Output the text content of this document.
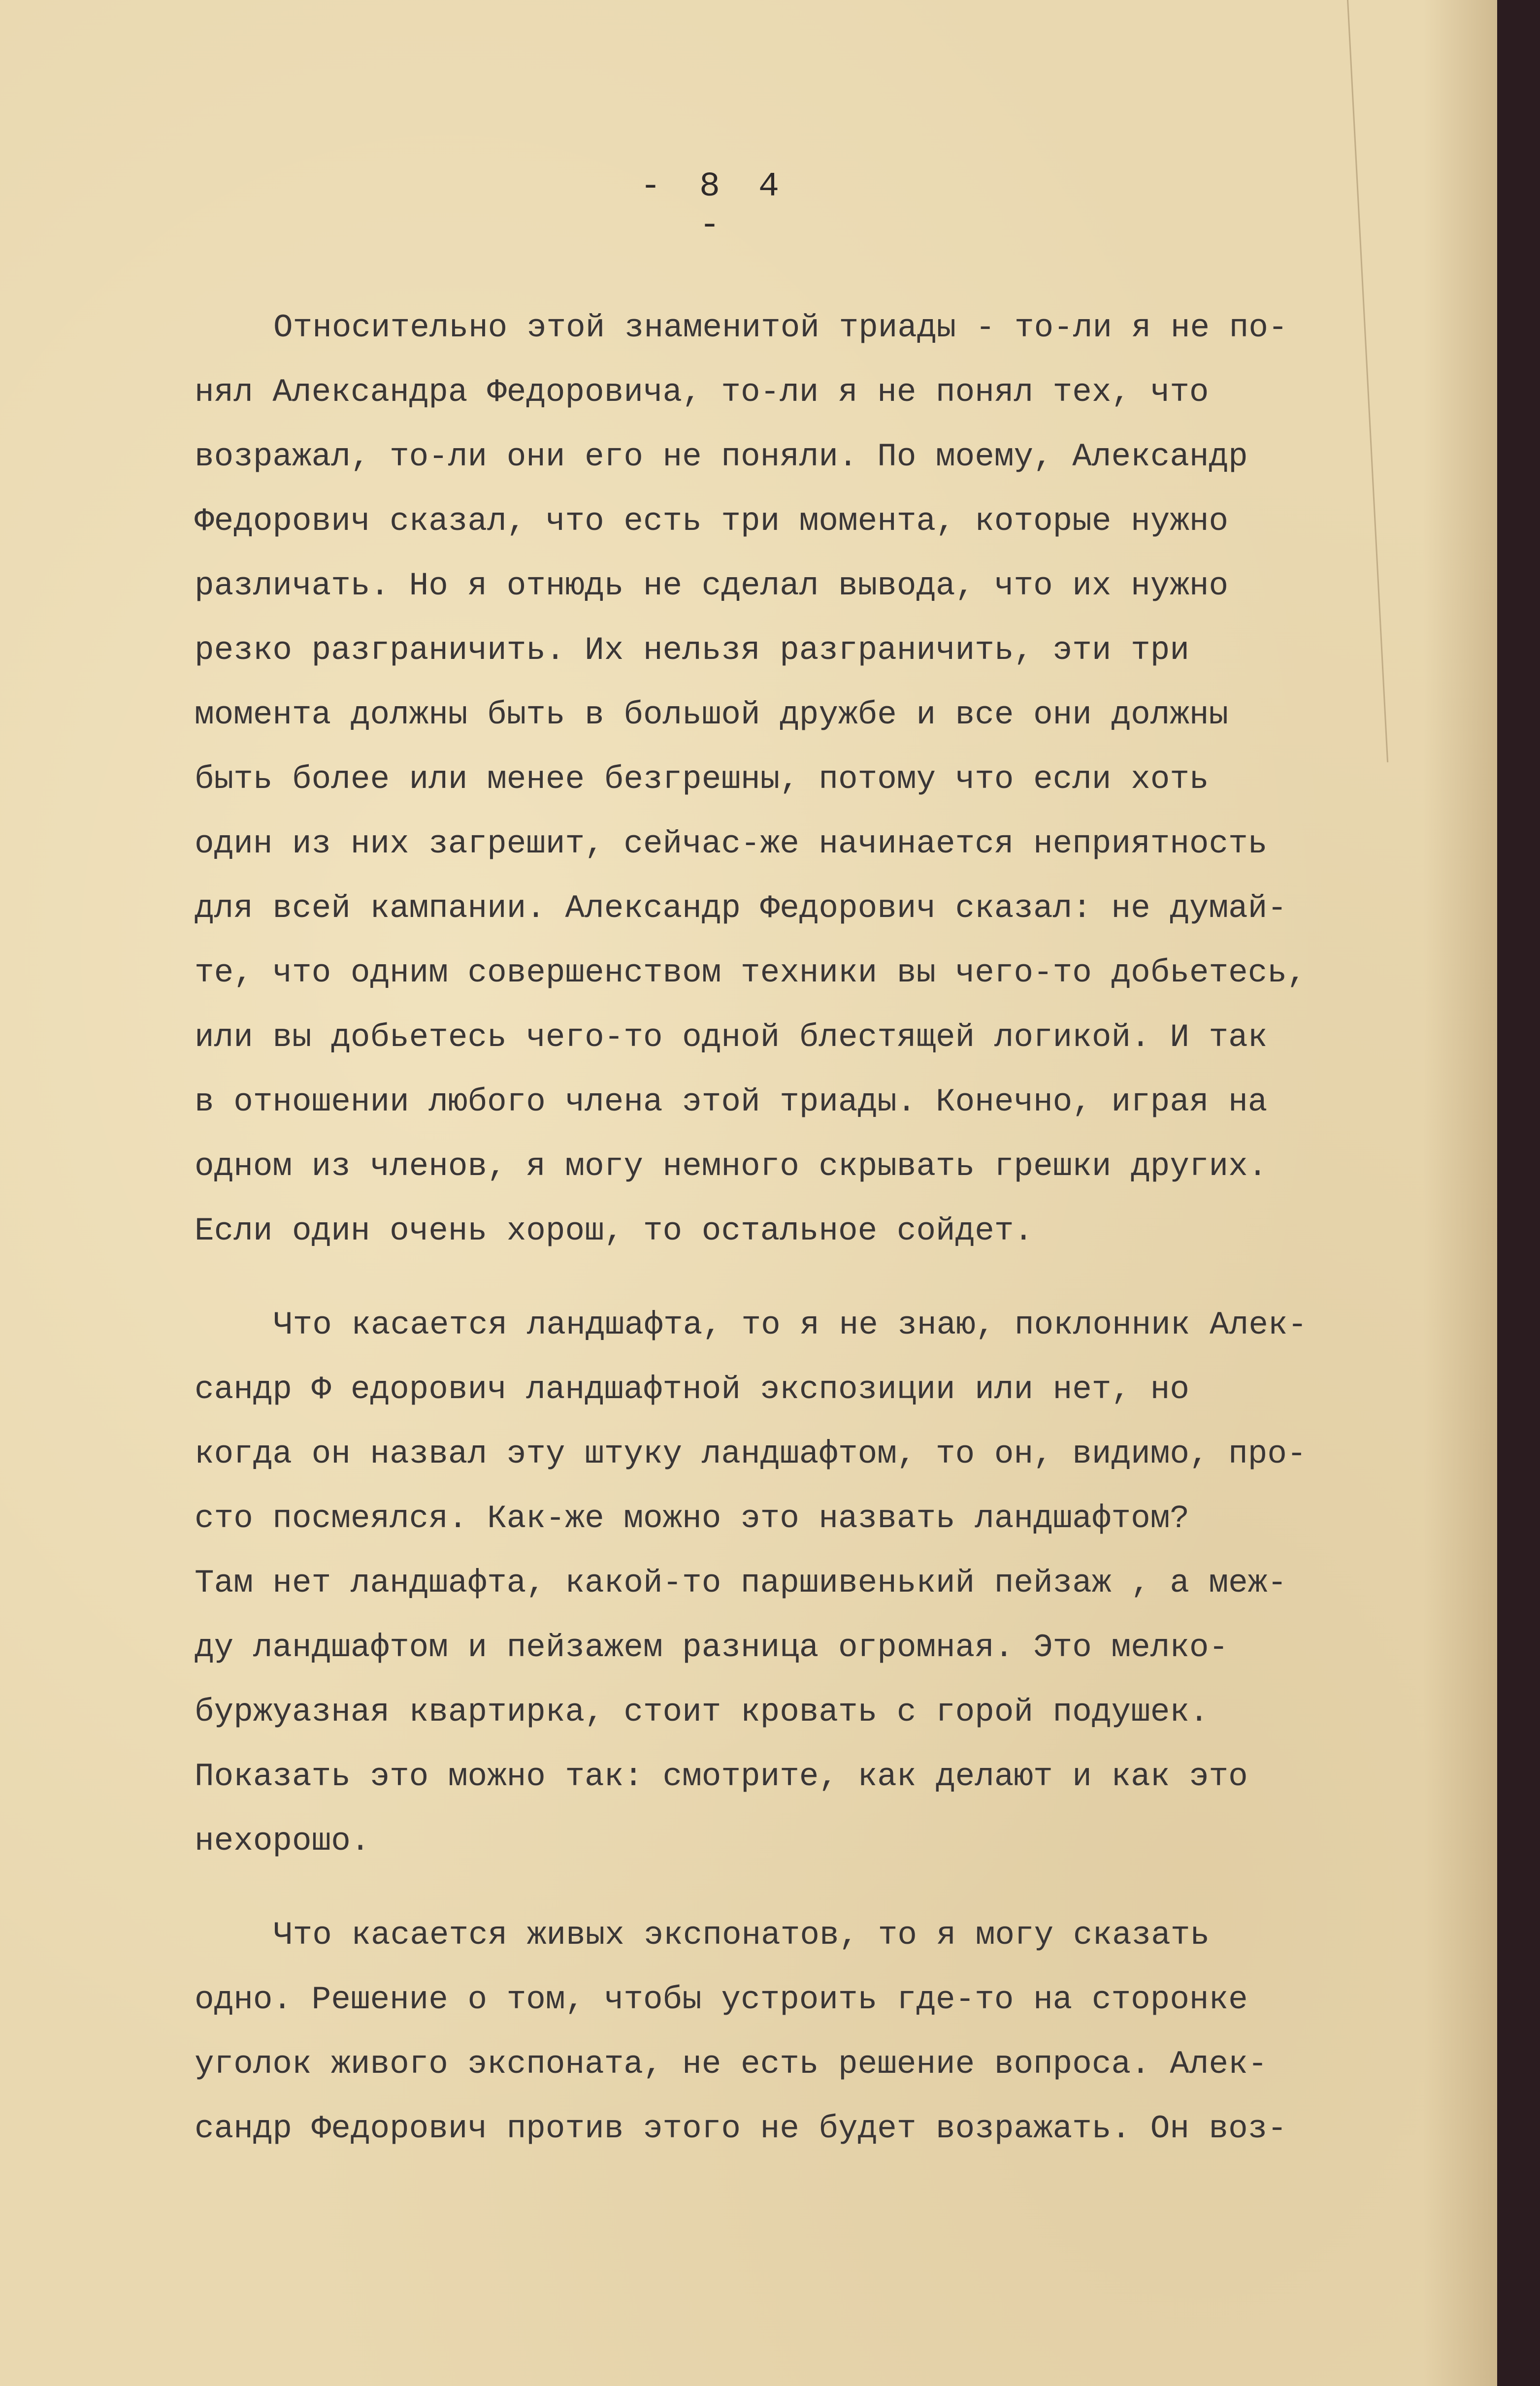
- 8 4 -
Относительно этой знаменитой триады - то-ли я не по-
нял Александра Федоровича, то-ли я не понял тех, что
возражал, то-ли они его не поняли. По моему, Александр
Федорович сказал, что есть три момента, которые нужно
различать. Но я отнюдь не сделал вывода, что их нужно
резко разграничить. Их нельзя разграничить, эти три
момента должны быть в большой дружбе и все они должны
быть более или менее безгрешны, потому что если хоть
один из них загрешит, сейчас-же начинается неприятность
для всей кампании. Александр Федорович сказал: не думай-
те, что одним совершенством техники вы чего-то добьетесь,
или вы добьетесь чего-то одной блестящей логикой. И так
в отношении любого члена этой триады. Конечно, играя на
одном из членов, я могу немного скрывать грешки других.
Если один очень хорош, то остальное сойдет.
Что касается ландшафта, то я не знаю, поклонник Алек-
сандр Ф едорович ландшафтной экспозиции или нет, но
когда он назвал эту штуку ландшафтом, то он, видимо, про-
сто посмеялся. Как-же можно это назвать ландшафтом?
Там нет ландшафта, какой-то паршивенький пейзаж , а меж-
ду ландшафтом и пейзажем разница огромная. Это мелко-
буржуазная квартирка, стоит кровать с горой подушек.
Показать это можно так: смотрите, как делают и как это
нехорошо.
Что касается живых экспонатов, то я могу сказать
одно. Решение о том, чтобы устроить где-то на сторонке
уголок живого экспоната, не есть решение вопроса. Алек-
сандр Федорович против этого не будет возражать. Он воз-
